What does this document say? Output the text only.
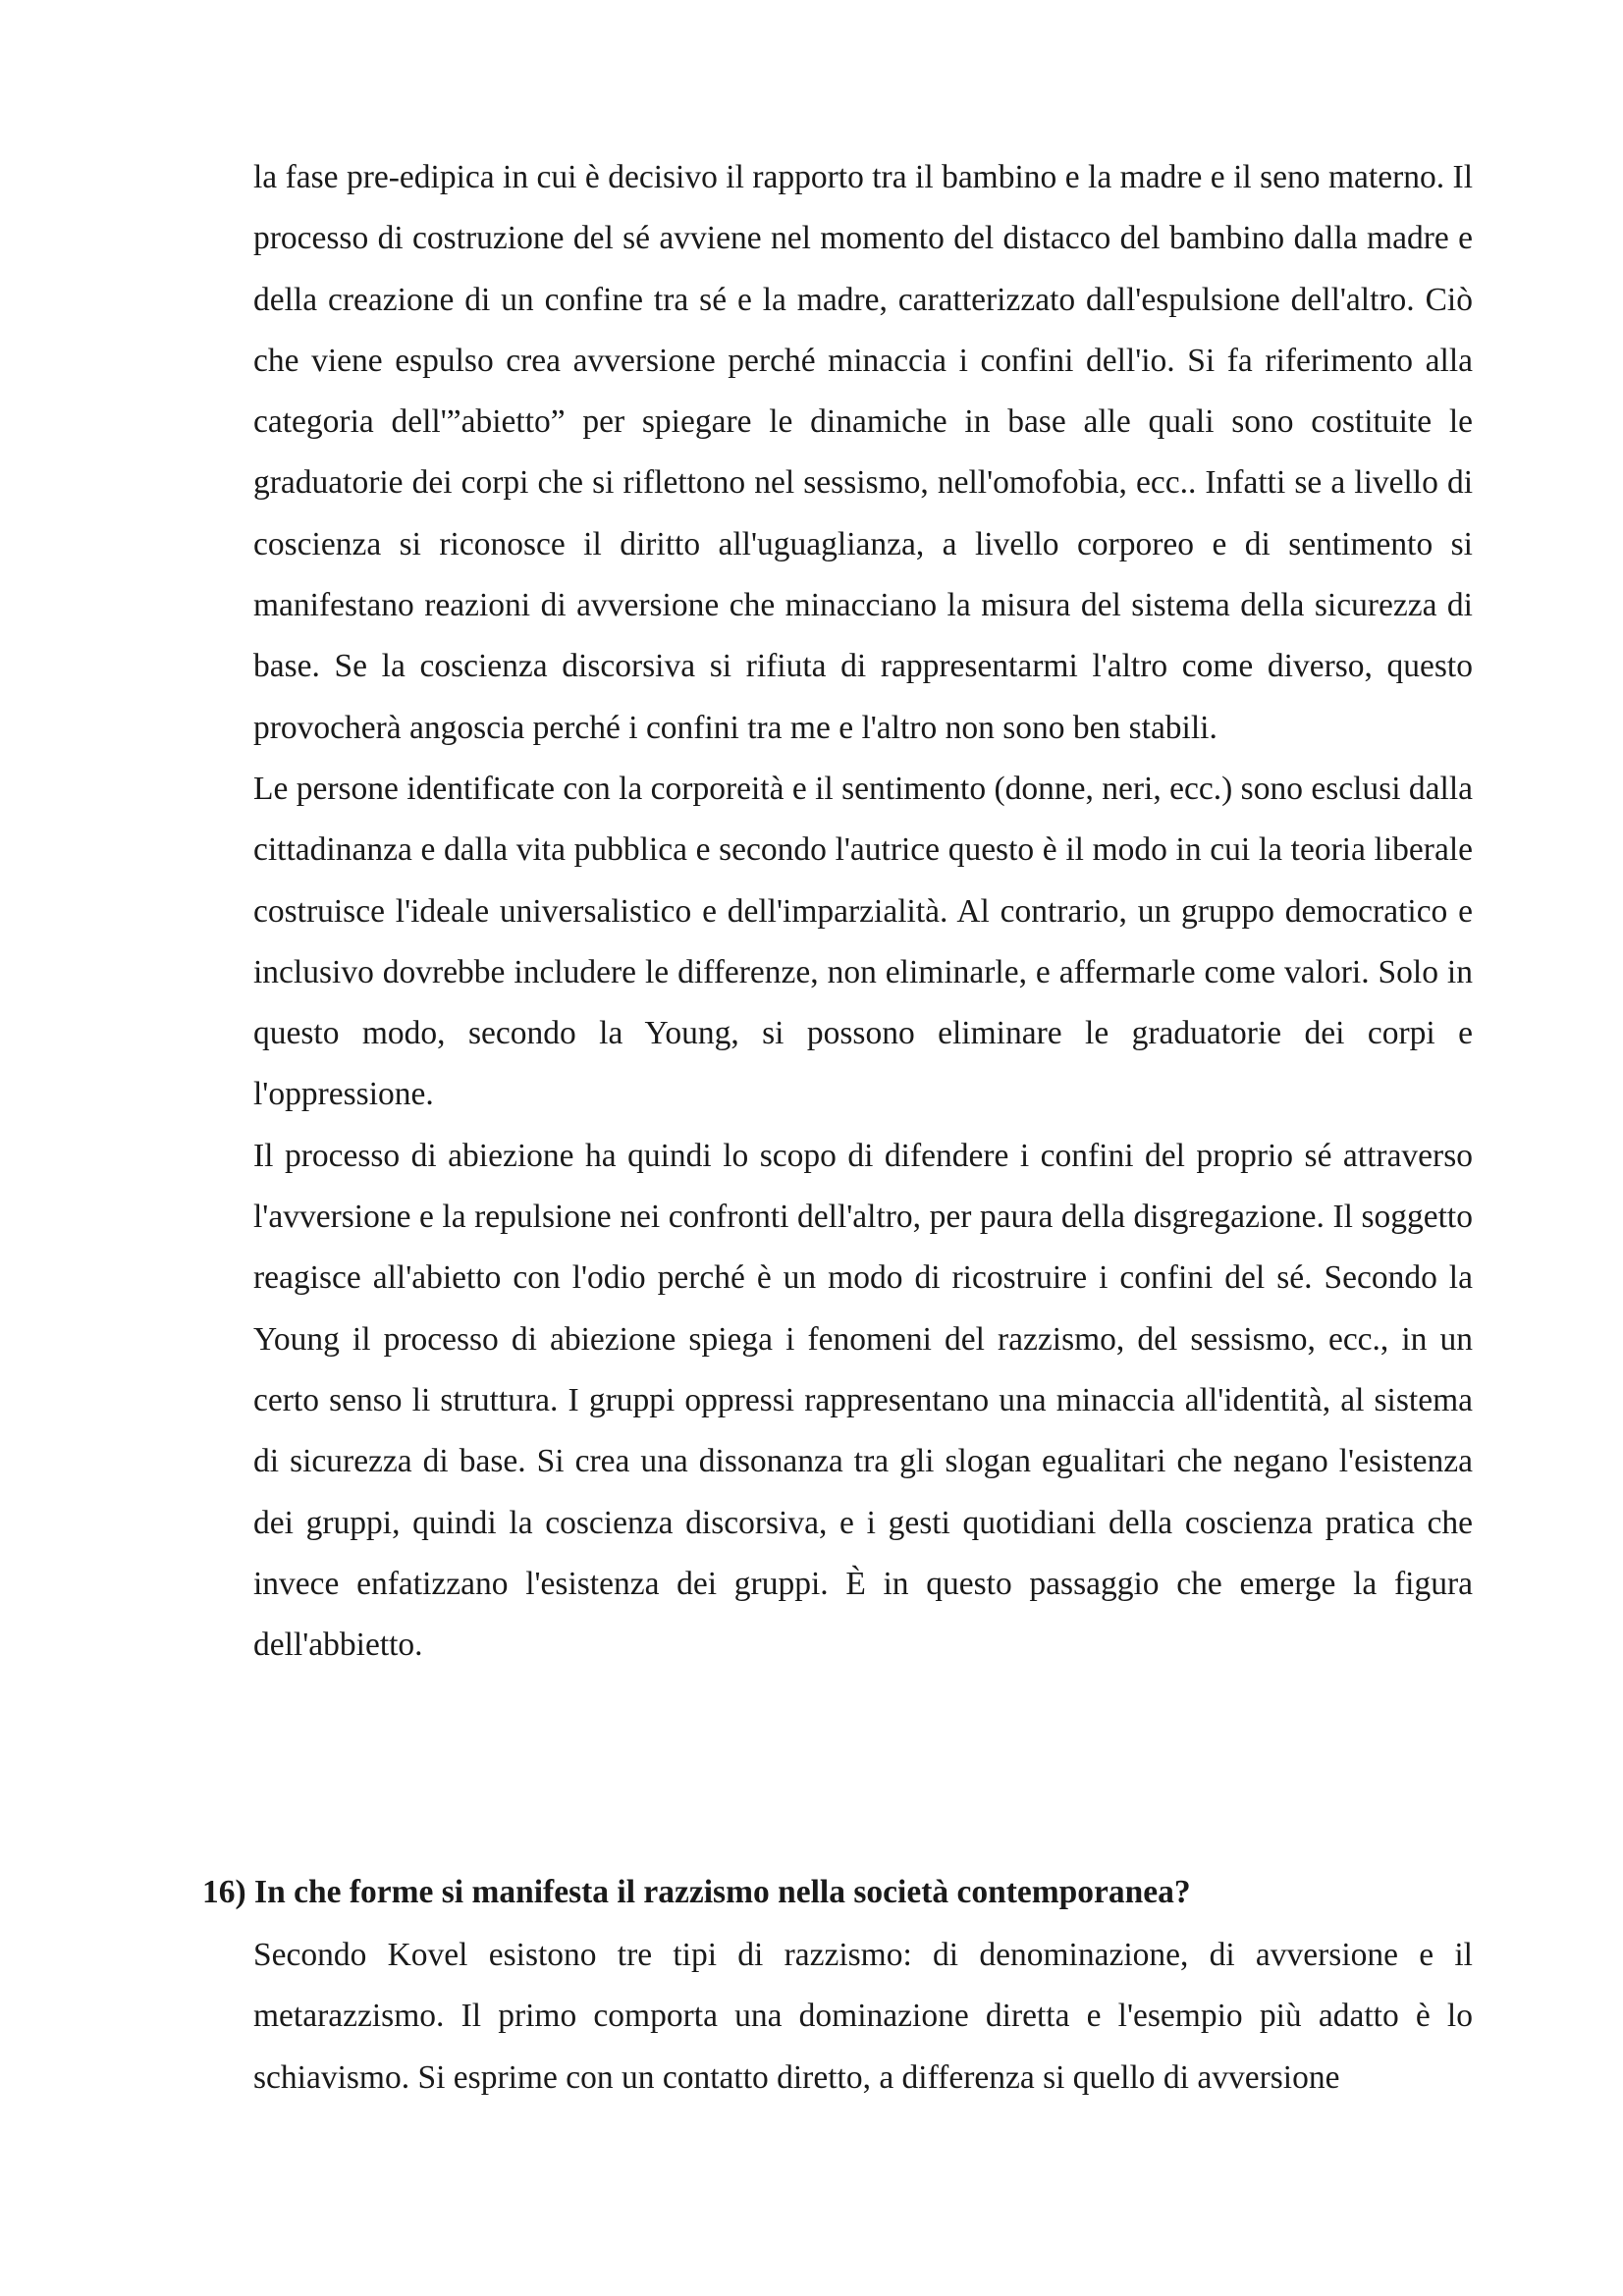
la fase pre-edipica in cui è decisivo il rapporto tra il bambino e la madre e il seno materno. Il processo di costruzione del sé avviene nel momento del distacco del bambino dalla madre e della creazione di un confine tra sé e la madre, caratterizzato dall'espulsione dell'altro. Ciò che viene espulso crea avversione perché minaccia i confini dell'io. Si fa riferimento alla categoria dell'”abietto” per spiegare le dinamiche in base alle quali sono costituite le graduatorie dei corpi che si riflettono nel sessismo, nell'omofobia, ecc.. Infatti se a livello di coscienza si riconosce il diritto all'uguaglianza, a livello corporeo e di sentimento si manifestano reazioni di avversione che minacciano la misura del sistema della sicurezza di base. Se la coscienza discorsiva si rifiuta di rappresentarmi l'altro come diverso, questo provocherà angoscia perché i confini tra me e l'altro non sono ben stabili.

Le persone identificate con la corporeità e il sentimento (donne, neri, ecc.) sono esclusi dalla cittadinanza e dalla vita pubblica e secondo l'autrice questo è il modo in cui la teoria liberale costruisce l'ideale universalistico e dell'imparzialità. Al contrario, un gruppo democratico e inclusivo dovrebbe includere le differenze, non eliminarle, e affermarle come valori. Solo in questo modo, secondo la Young, si possono eliminare le graduatorie dei corpi e l'oppressione.

Il processo di abiezione ha quindi lo scopo di difendere i confini del proprio sé attraverso l'avversione e la repulsione nei confronti dell'altro, per paura della disgregazione. Il soggetto reagisce all'abietto con l'odio perché è un modo di ricostruire i confini del sé. Secondo la Young il processo di abiezione spiega i fenomeni del razzismo, del sessismo, ecc., in un certo senso li struttura. I gruppi oppressi rappresentano una minaccia all'identità, al sistema di sicurezza di base. Si crea una dissonanza tra gli slogan egualitari che negano l'esistenza dei gruppi, quindi la coscienza discorsiva, e i gesti quotidiani della coscienza pratica che invece enfatizzano l'esistenza dei gruppi. È in questo passaggio che emerge la figura dell'abbietto.

16) In che forme si manifesta il razzismo nella società contemporanea?

Secondo Kovel esistono tre tipi di razzismo: di denominazione, di avversione e il metarazzismo. Il primo comporta una dominazione diretta e l'esempio più adatto è lo schiavismo. Si esprime con un contatto diretto, a differenza si quello di avversione
